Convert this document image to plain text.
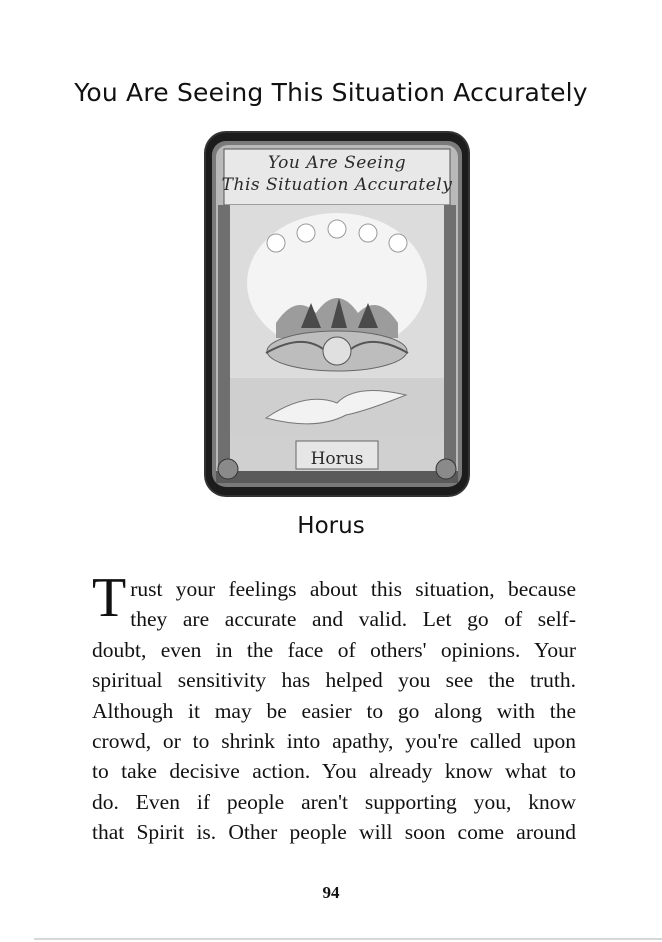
You Are Seeing This Situation Accurately
You Are Seeing
This Situation Accurately
Horus
Horus
T rust your feelings about this situation, because
they are accurate and valid. Let go of self-
doubt, even in the face of others' opinions. Your
spiritual sensitivity has helped you see the truth.
Although it may be easier to go along with the
crowd, or to shrink into apathy, you're called upon
to take decisive action. You already know what to
do. Even if people aren't supporting you, know
that Spirit is. Other people will soon come around
94
